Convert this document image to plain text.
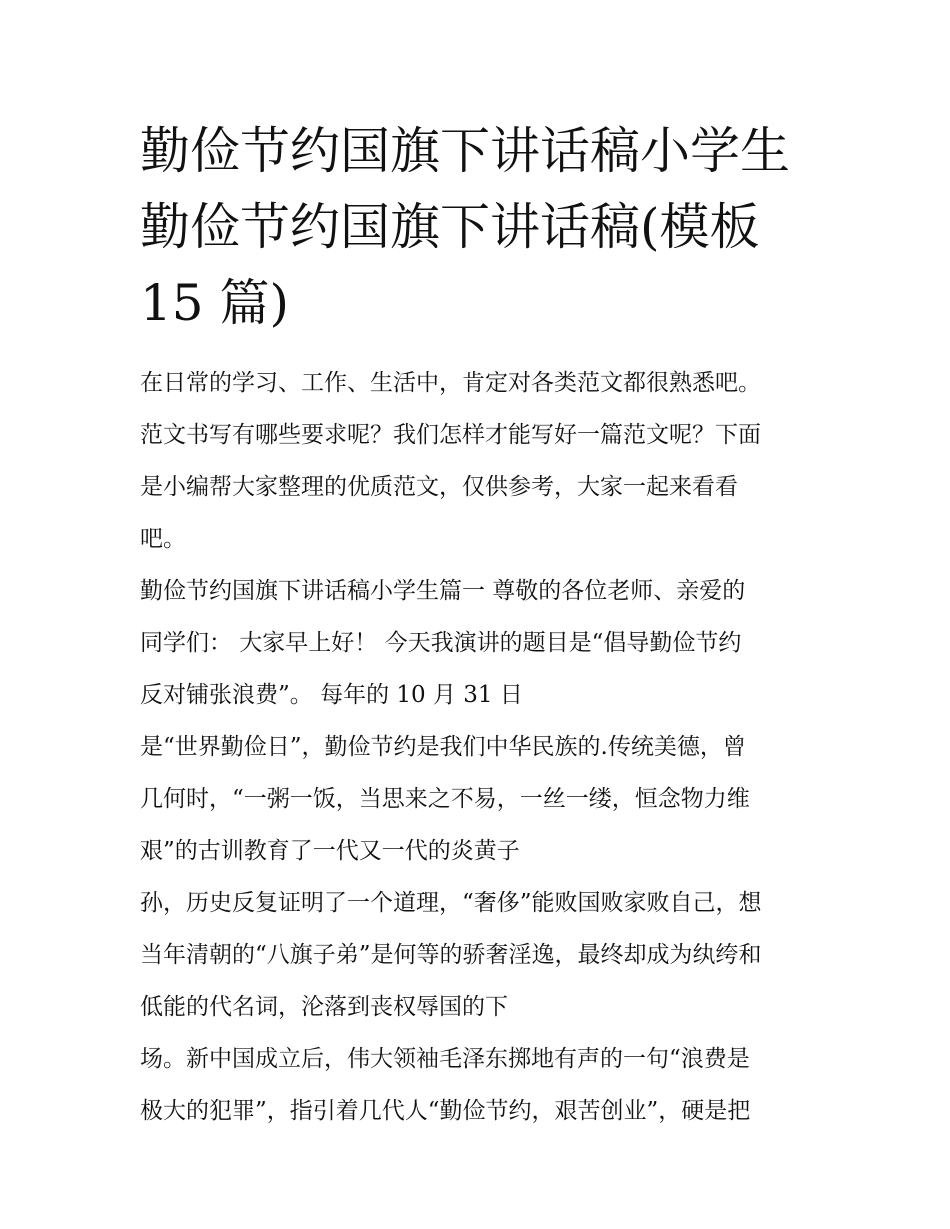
勤俭节约国旗下讲话稿小学生
勤俭节约国旗下讲话稿(模板
15 篇)
在日常的学习、工作、生活中，肯定对各类范文都很熟悉吧。
范文书写有哪些要求呢？我们怎样才能写好一篇范文呢？下面
是小编帮大家整理的优质范文，仅供参考，大家一起来看看
吧。
勤俭节约国旗下讲话稿小学生篇一 尊敬的各位老师、亲爱的
同学们： 大家早上好！ 今天我演讲的题目是“倡导勤俭节约
反对铺张浪费”。 每年的 10 月 31 日
是“世界勤俭日”，勤俭节约是我们中华民族的.传统美德，曾
几何时，“一粥一饭，当思来之不易，一丝一缕，恒念物力维
艰”的古训教育了一代又一代的炎黄子
孙，历史反复证明了一个道理，“奢侈”能败国败家败自己，想
当年清朝的“八旗子弟”是何等的骄奢淫逸，最终却成为纨绔和
低能的代名词，沦落到丧权辱国的下
场。新中国成立后，伟大领袖毛泽东掷地有声的一句“浪费是
极大的犯罪”，指引着几代人“勤俭节约，艰苦创业”，硬是把
